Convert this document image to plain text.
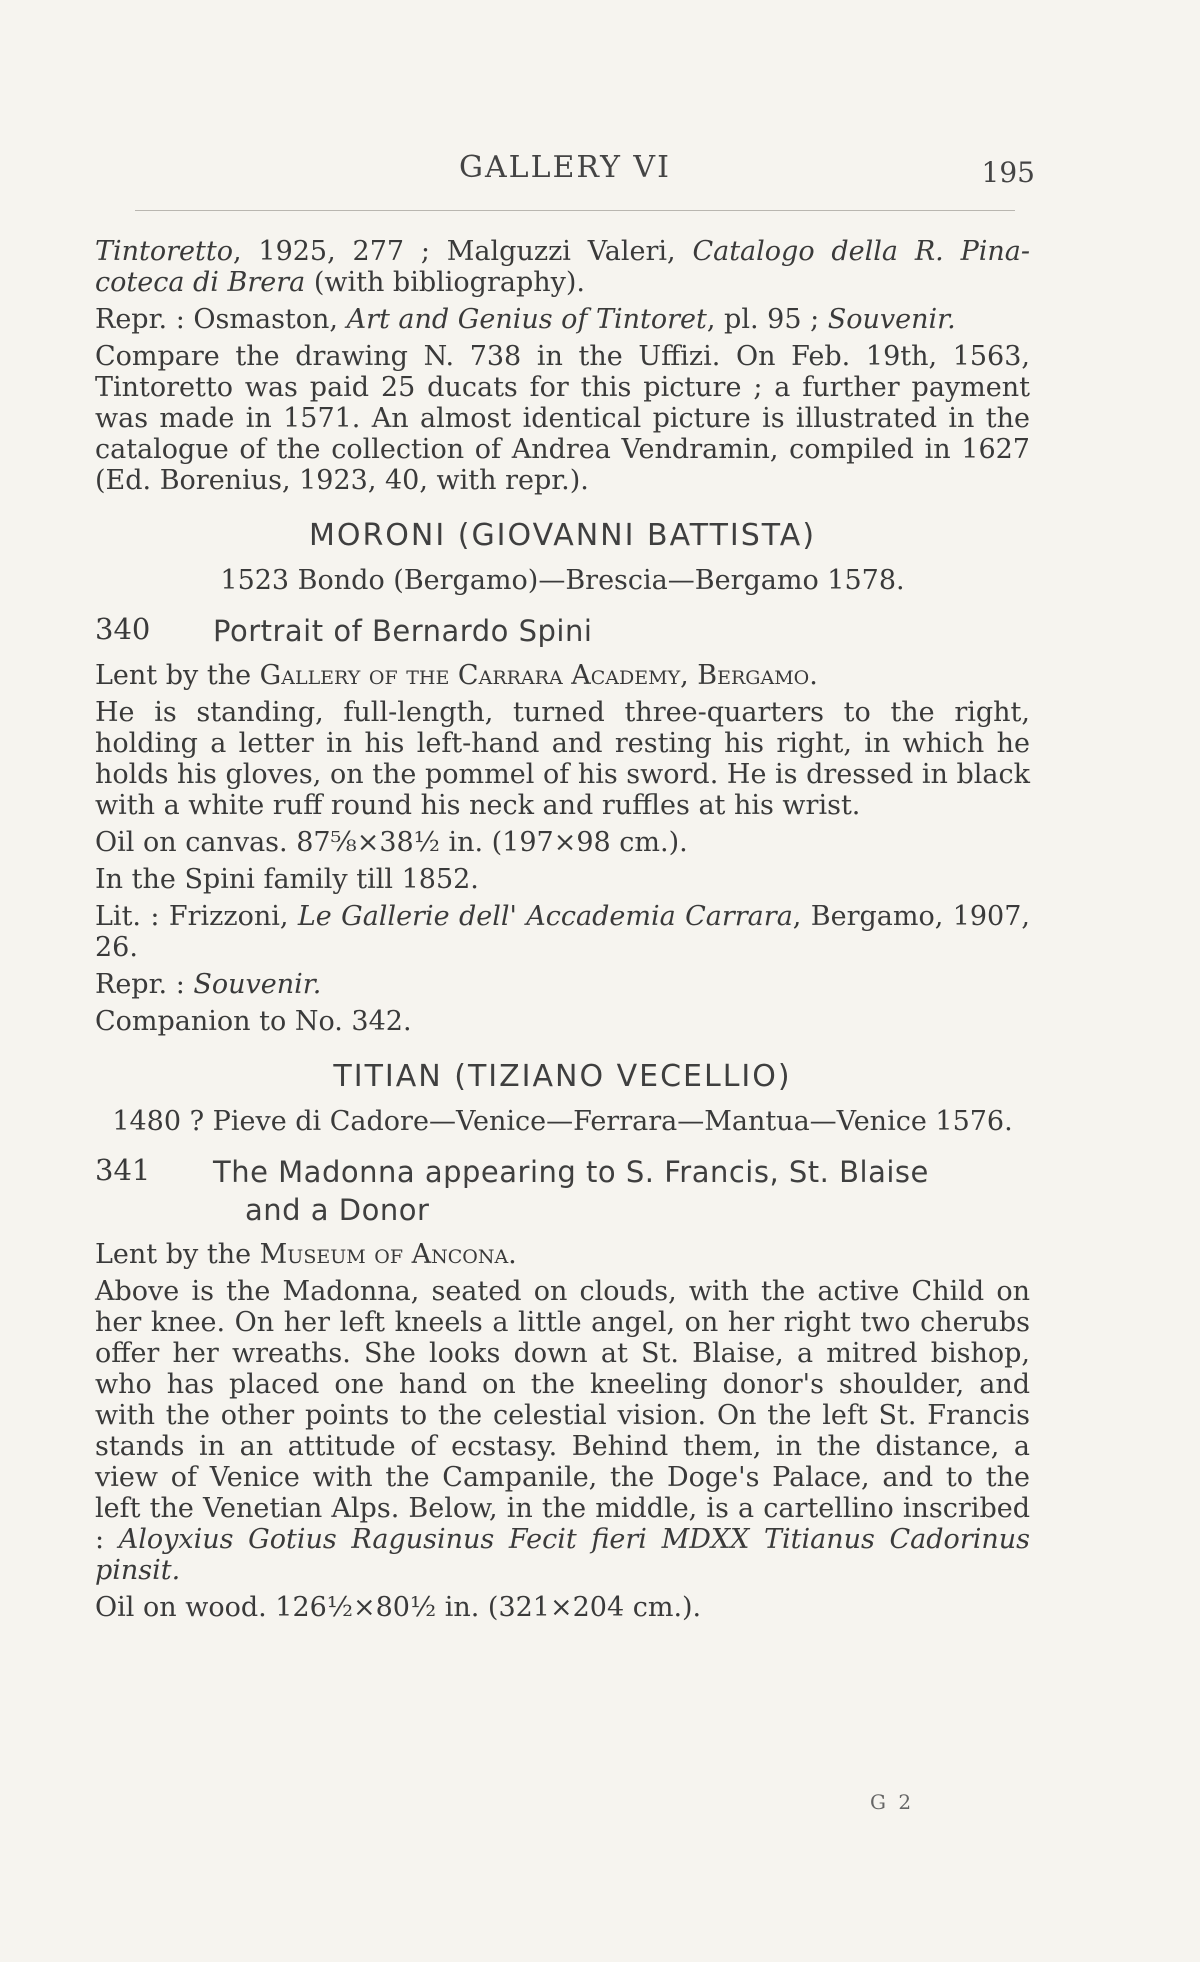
GALLERY VI	195

Tintoretto, 1925, 277 ; Malguzzi Valeri, Catalogo della R. Pina-coteca di Brera (with bibliography).

Repr. : Osmaston, Art and Genius of Tintoret, pl. 95 ; Souvenir.

Compare the drawing N. 738 in the Uffizi. On Feb. 19th, 1563, Tintoretto was paid 25 ducats for this picture ; a further payment was made in 1571. An almost identical picture is illustrated in the catalogue of the collection of Andrea Vendramin, compiled in 1627 (Ed. Borenius, 1923, 40, with repr.).

MORONI (GIOVANNI BATTISTA)
1523 Bondo (Bergamo)—Brescia—Bergamo 1578.
340	Portrait of Bernardo Spini

Lent by the Gallery of the Carrara Academy, Bergamo.

He is standing, full-length, turned three-quarters to the right, holding a letter in his left-hand and resting his right, in which he holds his gloves, on the pommel of his sword. He is dressed in black with a white ruff round his neck and ruffles at his wrist.

Oil on canvas. 87⅝×38½ in. (197×98 cm.).

In the Spini family till 1852.

Lit. : Frizzoni, Le Gallerie dell' Accademia Carrara, Bergamo, 1907, 26.

Repr. : Souvenir.

Companion to No. 342.

TITIAN (TIZIANO VECELLIO)
1480 ? Pieve di Cadore—Venice—Ferrara—Mantua—Venice 1576.
341	The Madonna appearing to S. Francis, St. Blaise
and a Donor

Lent by the Museum of Ancona.

Above is the Madonna, seated on clouds, with the active Child on her knee. On her left kneels a little angel, on her right two cherubs offer her wreaths. She looks down at St. Blaise, a mitred bishop, who has placed one hand on the kneeling donor's shoulder, and with the other points to the celestial vision. On the left St. Francis stands in an attitude of ecstasy. Behind them, in the distance, a view of Venice with the Campanile, the Doge's Palace, and to the left the Venetian Alps. Below, in the middle, is a cartellino inscribed : Aloyxius Gotius Ragusinus Fecit fieri MDXX Titianus Cadorinus pinsit.

Oil on wood. 126½×80½ in. (321×204 cm.).

G 2
